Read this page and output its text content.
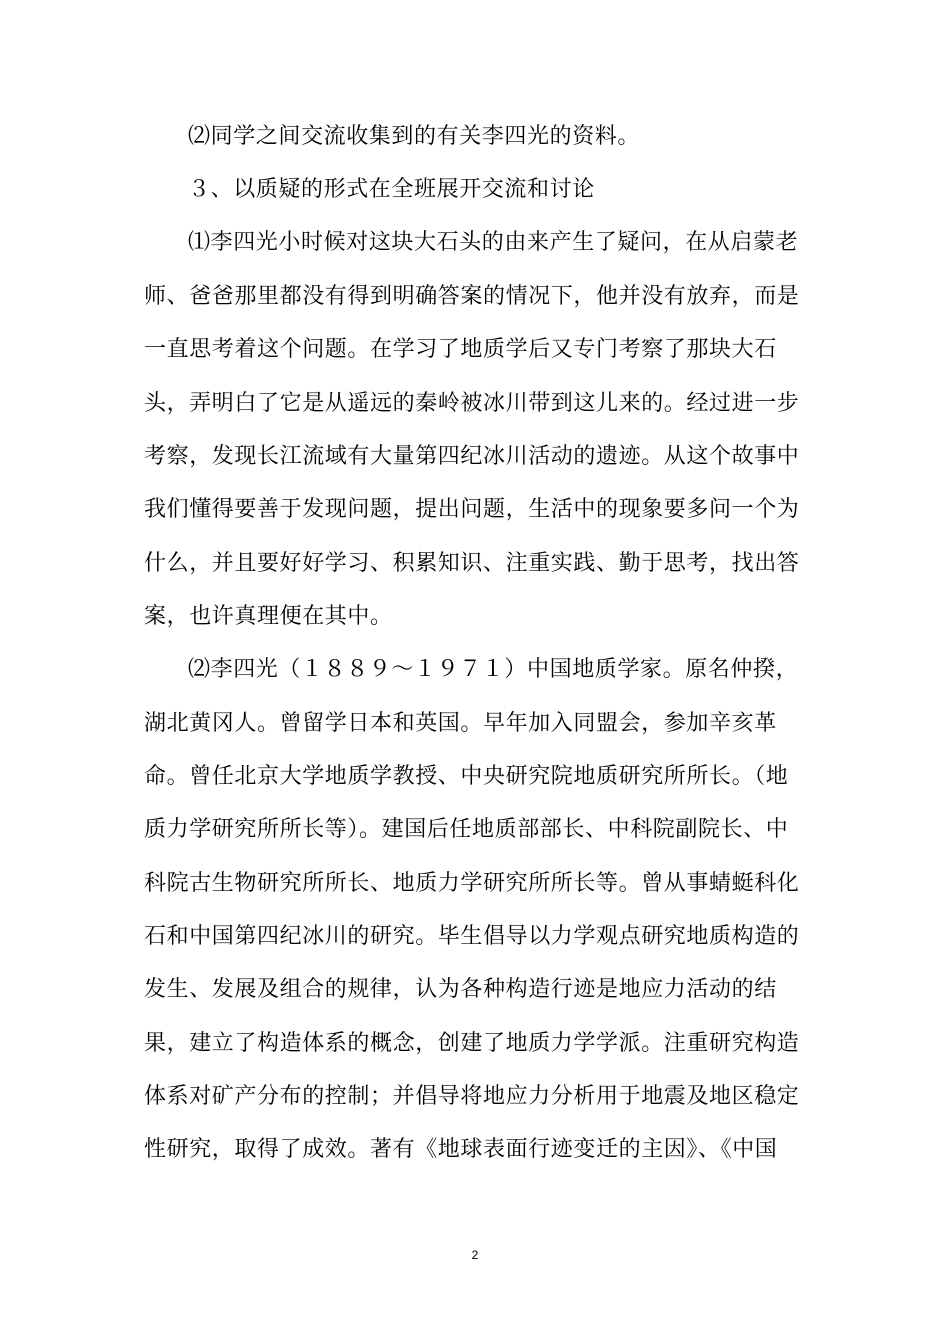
⑵同学之间交流收集到的有关李四光的资料。
３、以质疑的形式在全班展开交流和讨论
⑴李四光小时候对这块大石头的由来产生了疑问，在从启蒙老
师、爸爸那里都没有得到明确答案的情况下，他并没有放弃，而是
一直思考着这个问题。在学习了地质学后又专门考察了那块大石
头，弄明白了它是从遥远的秦岭被冰川带到这儿来的。经过进一步
考察，发现长江流域有大量第四纪冰川活动的遗迹。从这个故事中
我们懂得要善于发现问题，提出问题，生活中的现象要多问一个为
什么，并且要好好学习、积累知识、注重实践、勤于思考，找出答
案，也许真理便在其中。
⑵李四光（１８８９～１９７１）中国地质学家。原名仲揆，
湖北黄冈人。曾留学日本和英国。早年加入同盟会，参加辛亥革
命。曾任北京大学地质学教授、中央研究院地质研究所所长。（地
质力学研究所所长等）。建国后任地质部部长、中科院副院长、中
科院古生物研究所所长、地质力学研究所所长等。曾从事蜻蜓科化
石和中国第四纪冰川的研究。毕生倡导以力学观点研究地质构造的
发生、发展及组合的规律，认为各种构造行迹是地应力活动的结
果，建立了构造体系的概念，创建了地质力学学派。注重研究构造
体系对矿产分布的控制；并倡导将地应力分析用于地震及地区稳定
性研究，取得了成效。著有《地球表面行迹变迁的主因》、《中国
2
